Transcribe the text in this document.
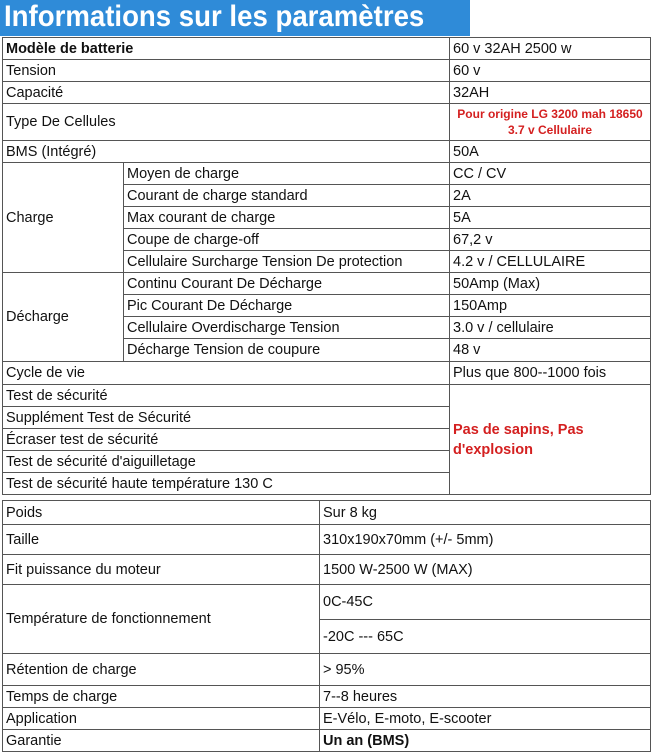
Informations sur les paramètres
Modèle de batterie		60 v 32AH 2500 w
Tension		60 v
Capacité		32AH
Type De Cellules		Pour origine LG 3200 mah 18650 3.7 v Cellulaire
BMS (Intégré)		50A
Charge	Moyen de charge	CC / CV
	Courant de charge standard	2A
	Max courant de charge	5A
	Coupe de charge-off	67,2 v
	Cellulaire Surcharge Tension De protection	4.2 v / CELLULAIRE
Décharge	Continu Courant De Décharge	50Amp (Max)
	Pic Courant De Décharge	150Amp
	Cellulaire Overdischarge Tension	3.0 v / cellulaire
	Décharge Tension de coupure	48 v
Cycle de vie		Plus que 800--1000 fois
Test de sécurité		Pas de sapins, Pas d'explosion
Supplément Test de Sécurité		
Écraser test de sécurité		
Test de sécurité d'aiguilletage		
Test de sécurité haute température 130 C		
Poids	Sur 8 kg
Taille	310x190x70mm (+/- 5mm)
Fit puissance du moteur	1500 W-2500 W (MAX)
Température de fonctionnement	0C-45C
	-20C --- 65C
Rétention de charge	> 95%
Temps de charge	7--8 heures
Application	E-Vélo, E-moto, E-scooter
Garantie	Un an (BMS)
